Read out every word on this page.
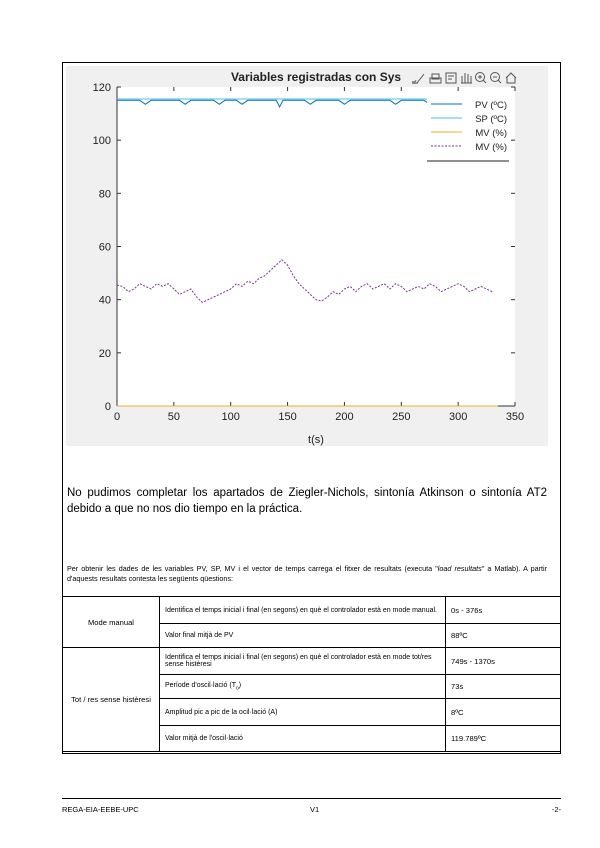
0	50	100	150	200	250	300	350
0
20
40
60
80
100
120
Variables registradas con Sys
t(s)
PV (ºC)
SP (ºC)
MV (%)
MV (%)
No pudimos completar los apartados de Ziegler-Nichols, sintonía Atkinson o sintonía AT2 debido a que no nos dio tiempo en la práctica.
Per obtenir les dades de les variables PV, SP, MV i el vector de temps carrega el fitxer de resultats (executa "load resultats" a Matlab). A partir d'aquests resultats contesta les següents qüestions:
Mode manual	Identifica el temps inicial i final (en segons) en què el controlador està en mode manual.	0s - 376s
	Valor final mitjà de PV	88ºC
Tot / res sense histèresi	Identifica el temps inicial i final (en segons) en què el controlador està en mode tot/res sense histèresi	749s - 1370s
	Període d'oscil·lació $(T_o)$	73s
	Amplitud pic a pic de la ocil·lació (A)	8ºC
	Valor mitjà de l'oscil·lació	119.789ºC
REGA-EIA-EEBE-UPC	V1	-2-
